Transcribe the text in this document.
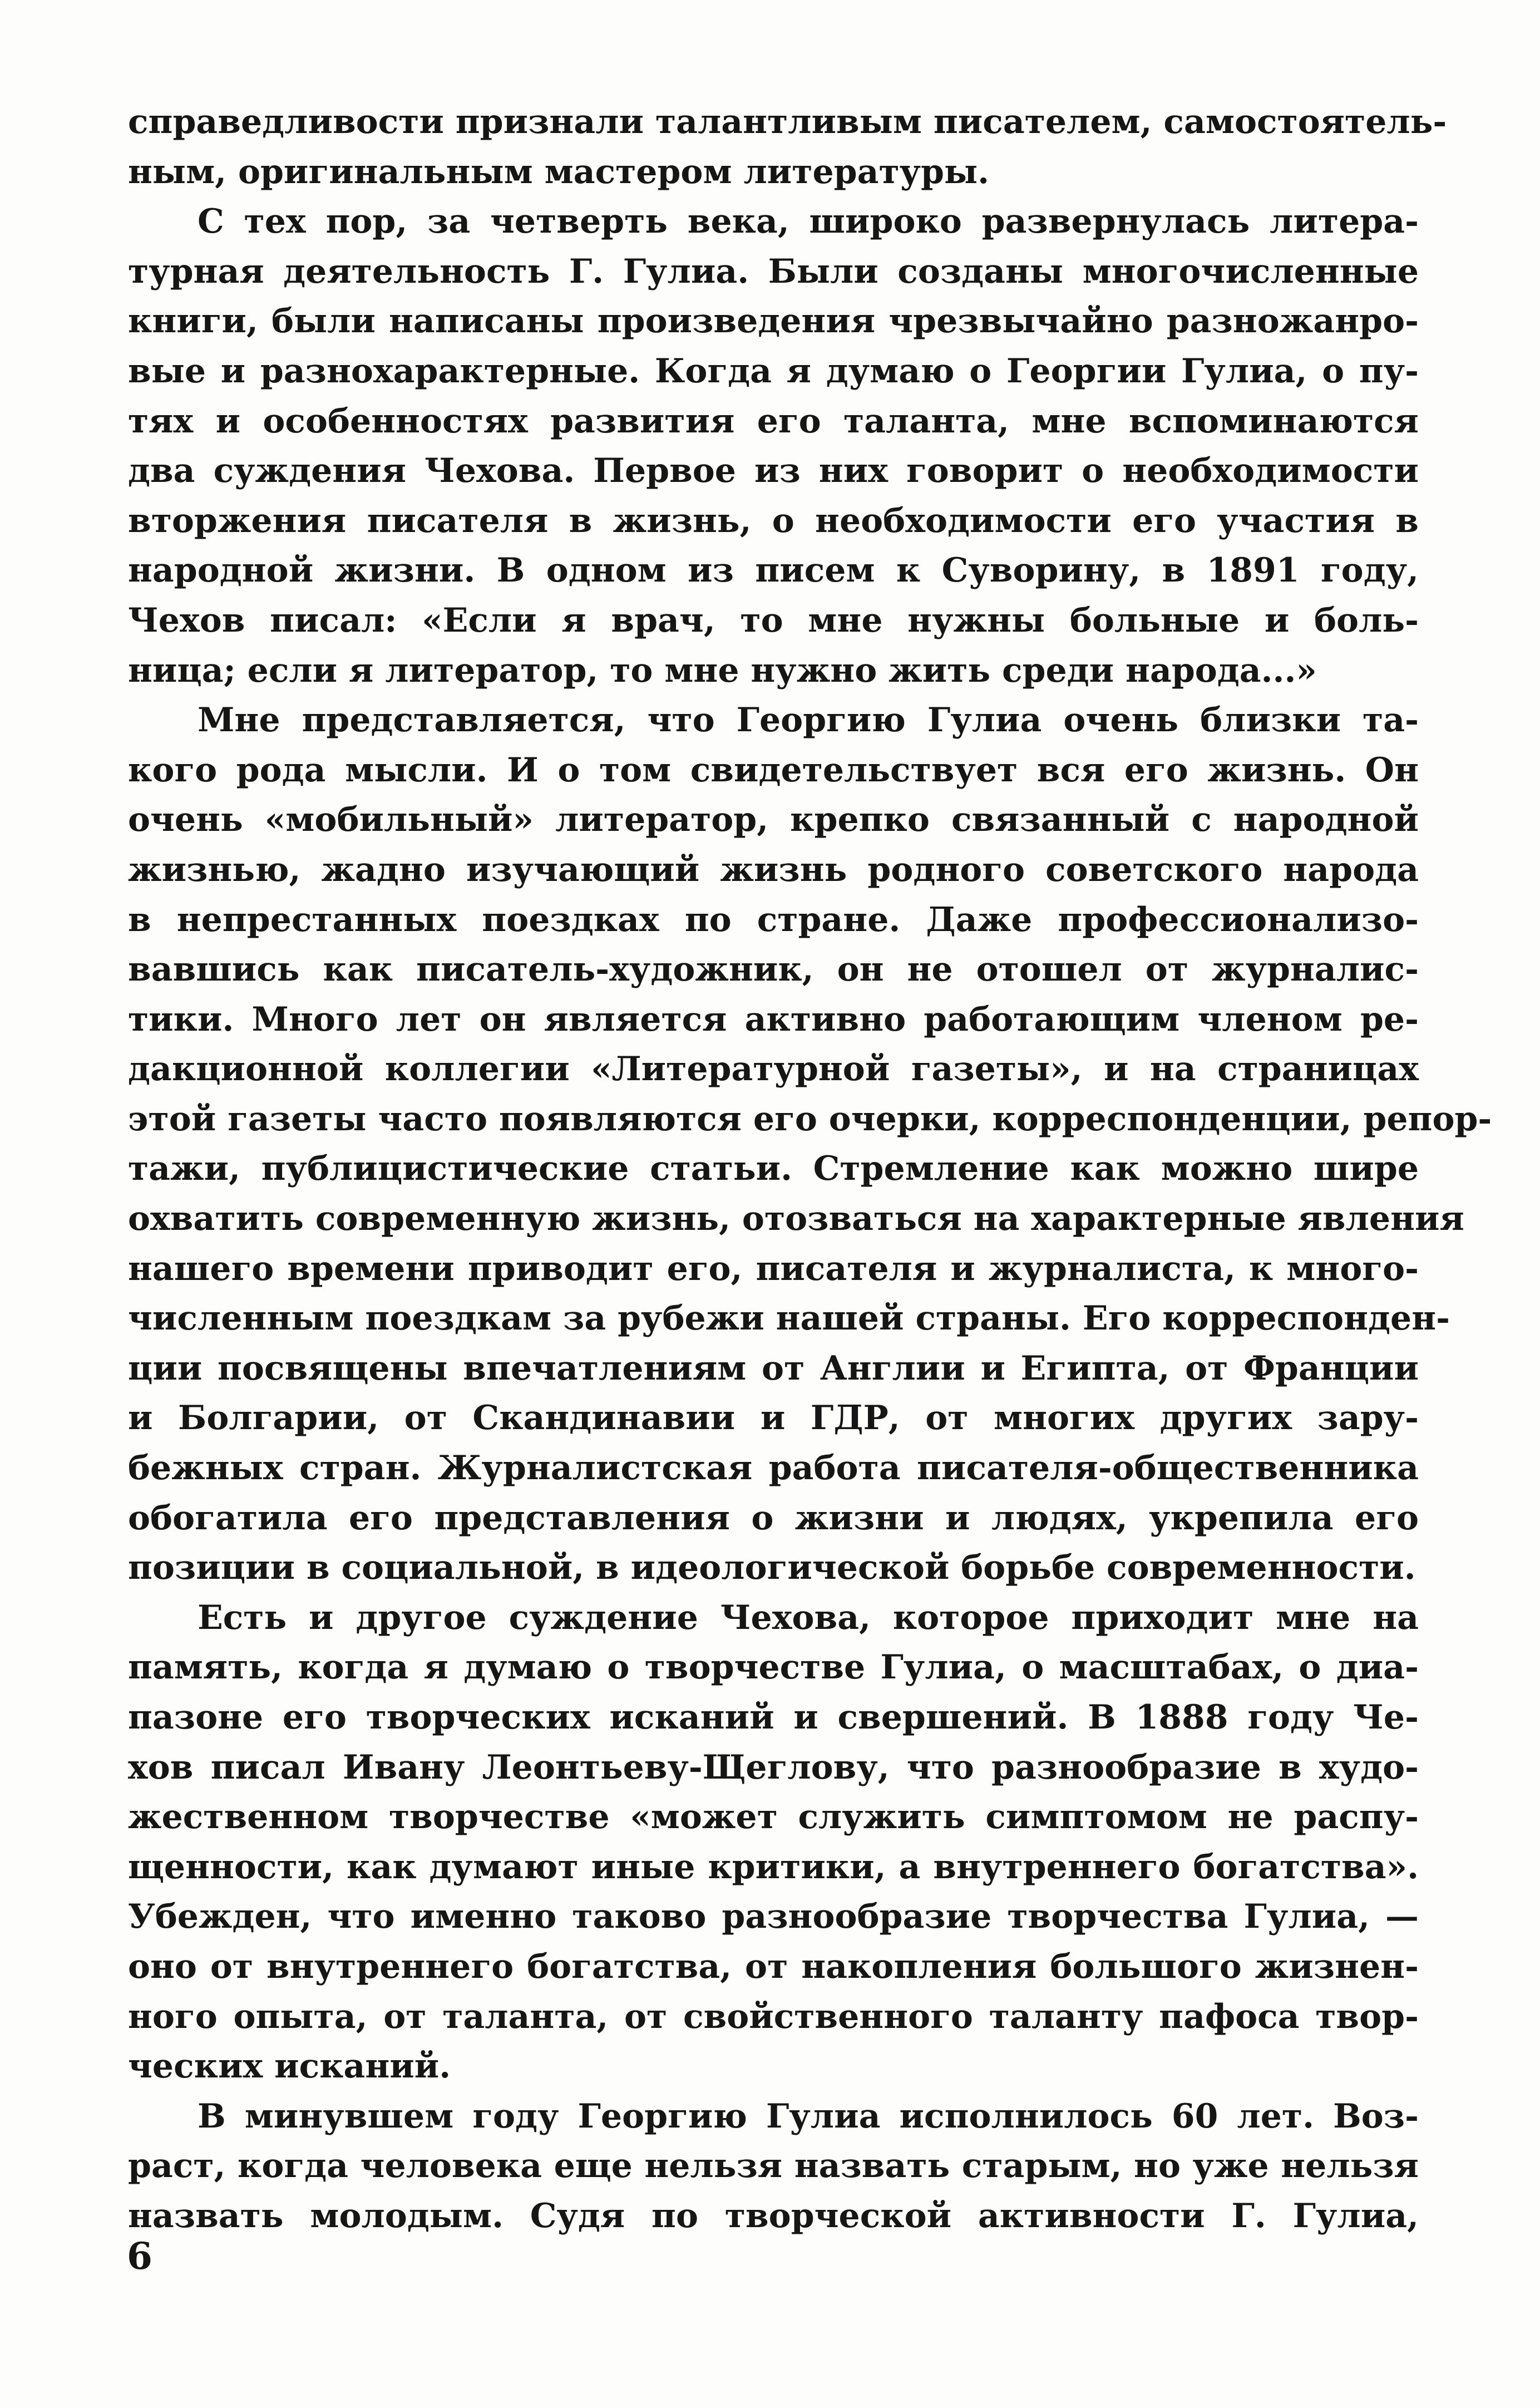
справедливости признали талантливым писателем, самостоятель-
ным, оригинальным мастером литературы.
С тех пор, за четверть века, широко развернулась литера-
турная деятельность Г. Гулиа. Были созданы многочисленные
книги, были написаны произведения чрезвычайно разножанро-
вые и разнохарактерные. Когда я думаю о Георгии Гулиа, о пу-
тях и особенностях развития его таланта, мне вспоминаются
два суждения Чехова. Первое из них говорит о необходимости
вторжения писателя в жизнь, о необходимости его участия в
народной жизни. В одном из писем к Суворину, в 1891 году,
Чехов писал: «Если я врач, то мне нужны больные и боль-
ница; если я литератор, то мне нужно жить среди народа...»
Мне представляется, что Георгию Гулиа очень близки та-
кого рода мысли. И о том свидетельствует вся его жизнь. Он
очень «мобильный» литератор, крепко связанный с народной
жизнью, жадно изучающий жизнь родного советского народа
в непрестанных поездках по стране. Даже профессионализо-
вавшись как писатель-художник, он не отошел от журналис-
тики. Много лет он является активно работающим членом ре-
дакционной коллегии «Литературной газеты», и на страницах
этой газеты часто появляются его очерки, корреспонденции, репор-
тажи, публицистические статьи. Стремление как можно шире
охватить современную жизнь, отозваться на характерные явления
нашего времени приводит его, писателя и журналиста, к много-
численным поездкам за рубежи нашей страны. Его корреспонден-
ции посвящены впечатлениям от Англии и Египта, от Франции
и Болгарии, от Скандинавии и ГДР, от многих других зару-
бежных стран. Журналистская работа писателя-общественника
обогатила его представления о жизни и людях, укрепила его
позиции в социальной, в идеологической борьбе современности.
Есть и другое суждение Чехова, которое приходит мне на
память, когда я думаю о творчестве Гулиа, о масштабах, о диа-
пазоне его творческих исканий и свершений. В 1888 году Че-
хов писал Ивану Леонтьеву-Щеглову, что разнообразие в худо-
жественном творчестве «может служить симптомом не распу-
щенности, как думают иные критики, а внутреннего богатства».
Убежден, что именно таково разнообразие творчества Гулиа, —
оно от внутреннего богатства, от накопления большого жизнен-
ного опыта, от таланта, от свойственного таланту пафоса твор-
ческих исканий.
В минувшем году Георгию Гулиа исполнилось 60 лет. Воз-
раст, когда человека еще нельзя назвать старым, но уже нельзя
назвать молодым. Судя по творческой активности Г. Гулиа,
6
